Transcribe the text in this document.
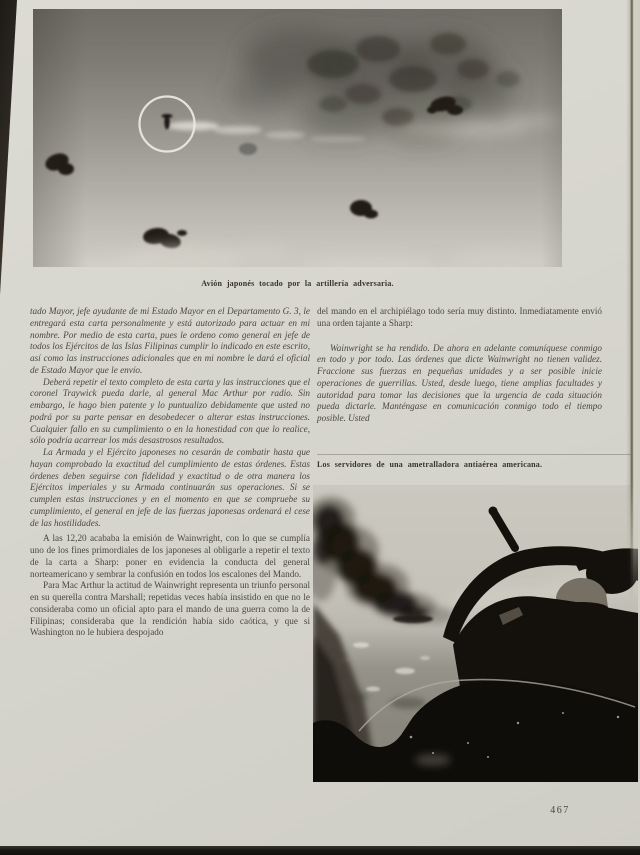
Avión japonés tocado por la artillería adversaria.

tado Mayor, jefe ayudante de mi Estado Mayor en el Departamento G. 3, le entregará esta carta personalmente y está autorizado para actuar en mi nombre. Por medio de esta carta, pues le ordeno como general en jefe de todos los Ejércitos de las Islas Filipinas cumplir lo indicado en este escrito, así como las instrucciones adicionales que en mi nombre le dará el oficial de Estado Mayor que le envío.

Deberá repetir el texto completo de esta carta y las instrucciones que el coronel Traywick pueda darle, al general Mac Arthur por radio. Sin embargo, le hago bien patente y lo puntualizo debidamente que usted no podrá por su parte pensar en desobedecer o alterar estas instrucciones. Cualquier fallo en su cumplimiento o en la honestidad con que lo realice, sólo podría acarrear los más desastrosos resultados.

La Armada y el Ejército japoneses no cesarán de combatir hasta que hayan comprobado la exactitud del cumplimiento de estas órdenes. Estas órdenes deben seguirse con fidelidad y exactitud o de otra manera los Ejércitos imperiales y su Armada continuarán sus operaciones. Si se cumplen estas instrucciones y en el momento en que se compruebe su cumplimiento, el general en jefe de las fuerzas japonesas ordenará el cese de las hostilidades.

A las 12,20 acababa la emisión de Wainwright, con lo que se cumplía uno de los fines primordiales de los japoneses al obligarle a repetir el texto de la carta a Sharp: poner en evidencia la conducta del general norteamericano y sembrar la confusión en todos los escalones del Mando.

Para Mac Arthur la actitud de Wainwright representa un triunfo personal en su querella contra Marshall; repetidas veces había insistido en que no le consideraba como un oficial apto para el mando de una guerra como la de Filipinas; consideraba que la rendición había sido caótica, y que si Washington no le hubiera despojado

del mando en el archipiélago todo sería muy distinto. Inmediatamente envió una orden tajante a Sharp:

Wainwright se ha rendido. De ahora en adelante comuníquese conmigo en todo y por todo. Las órdenes que dicte Wainwright no tienen validez. Fraccione sus fuerzas en pequeñas unidades y a ser posible inicie operaciones de guerrillas. Usted, desde luego, tiene amplias facultades y autoridad para tomar las decisiones que la urgencia de cada situación pueda dictarle. Manténgase en comunicación conmigo todo el tiempo posible. Usted

Los servidores de una ametralladora antiaérea americana.
467
